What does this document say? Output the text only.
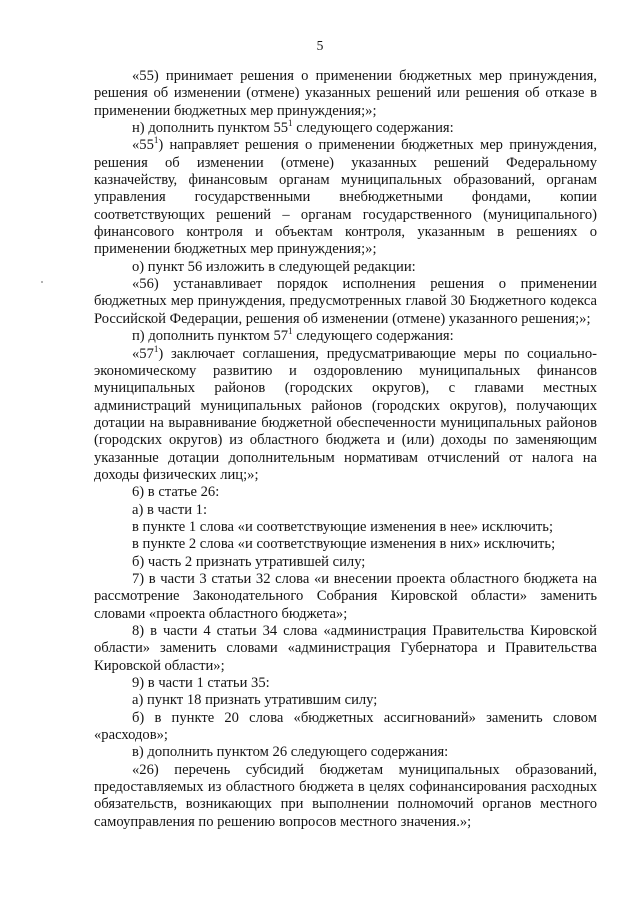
5

«55) принимает решения о применении бюджетных мер принуждения, решения об изменении (отмене) указанных решений или решения об отказе в применении бюджетных мер принуждения;»;

н) дополнить пунктом $55^1$ следующего содержания:

«$55^1$) направляет решения о применении бюджетных мер принуждения, решения об изменении (отмене) указанных решений Федеральному казначейству, финансовым органам муниципальных образований, органам управления государственными внебюджетными фондами, копии соответствующих решений – органам государственного (муниципального) финансового контроля и объектам контроля, указанным в решениях о применении бюджетных мер принуждения;»;

о) пункт 56 изложить в следующей редакции:

«56) устанавливает порядок исполнения решения о применении бюджетных мер принуждения, предусмотренных главой 30 Бюджетного кодекса Российской Федерации, решения об изменении (отмене) указанного решения;»;

п) дополнить пунктом $57^1$ следующего содержания:

«$57^1$) заключает соглашения, предусматривающие меры по социально-экономическому развитию и оздоровлению муниципальных финансов муниципальных районов (городских округов), с главами местных администраций муниципальных районов (городских округов), получающих дотации на выравнивание бюджетной обеспеченности муниципальных районов (городских округов) из областного бюджета и (или) доходы по заменяющим указанные дотации дополнительным нормативам отчислений от налога на доходы физических лиц;»;

6) в статье 26:

а) в части 1:

в пункте 1 слова «и соответствующие изменения в нее» исключить;

в пункте 2 слова «и соответствующие изменения в них» исключить;

б) часть 2 признать утратившей силу;

7) в части 3 статьи 32 слова «и внесении проекта областного бюджета на рассмотрение Законодательного Собрания Кировской области» заменить словами «проекта областного бюджета»;

8) в части 4 статьи 34 слова «администрация Правительства Кировской области» заменить словами «администрация Губернатора и Правительства Кировской области»;

9) в части 1 статьи 35:

а) пункт 18 признать утратившим силу;

б) в пункте 20 слова «бюджетных ассигнований» заменить словом «расходов»;

в) дополнить пунктом 26 следующего содержания:

«26) перечень субсидий бюджетам муниципальных образований, предоставляемых из областного бюджета в целях софинансирования расходных обязательств, возникающих при выполнении полномочий органов местного самоуправления по решению вопросов местного значения.»;
